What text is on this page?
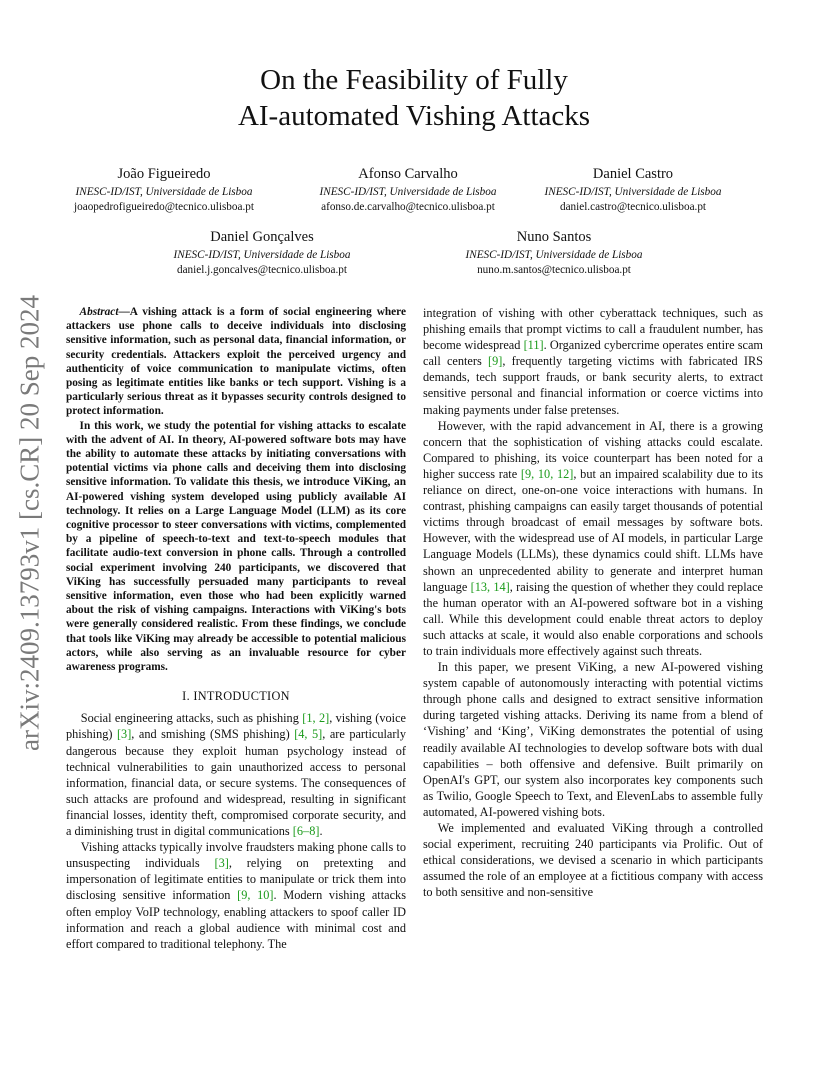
On the Feasibility of Fully
AI-automated Vishing Attacks
João Figueiredo
INESC-ID/IST, Universidade de Lisboa
joaopedrofigueiredo@tecnico.ulisboa.pt
Afonso Carvalho
INESC-ID/IST, Universidade de Lisboa
afonso.de.carvalho@tecnico.ulisboa.pt
Daniel Castro
INESC-ID/IST, Universidade de Lisboa
daniel.castro@tecnico.ulisboa.pt
Daniel Gonçalves
INESC-ID/IST, Universidade de Lisboa
daniel.j.goncalves@tecnico.ulisboa.pt
Nuno Santos
INESC-ID/IST, Universidade de Lisboa
nuno.m.santos@tecnico.ulisboa.pt
arXiv:2409.13793v1 [cs.CR] 20 Sep 2024	Abstract—A vishing attack is a form of social engineering where attackers use phone calls to deceive individuals into disclosing sensitive information, such as personal data, financial information, or security credentials. Attackers exploit the perceived urgency and authenticity of voice communication to manipulate victims, often posing as legitimate entities like banks or tech support. Vishing is a particularly serious threat as it bypasses security controls designed to protect information.

In this work, we study the potential for vishing attacks to escalate with the advent of AI. In theory, AI-powered software bots may have the ability to automate these attacks by initiating conversations with potential victims via phone calls and deceiving them into disclosing sensitive information. To validate this thesis, we introduce ViKing, an AI-powered vishing system developed using publicly available AI technology. It relies on a Large Language Model (LLM) as its core cognitive processor to steer conversations with victims, complemented by a pipeline of speech-to-text and text-to-speech modules that facilitate audio-text conversion in phone calls. Through a controlled social experiment involving 240 participants, we discovered that ViKing has successfully persuaded many participants to reveal sensitive information, even those who had been explicitly warned about the risk of vishing campaigns. Interactions with ViKing's bots were generally considered realistic. From these findings, we conclude that tools like ViKing may already be accessible to potential malicious actors, while also serving as an invaluable resource for cyber awareness programs.

I. INTRODUCTION

Social engineering attacks, such as phishing [1, 2], vishing (voice phishing) [3], and smishing (SMS phishing) [4, 5], are particularly dangerous because they exploit human psychology instead of technical vulnerabilities to gain unauthorized access to personal information, financial data, or secure systems. The consequences of such attacks are profound and widespread, resulting in significant financial losses, identity theft, compromised corporate security, and a diminishing trust in digital communications [6–8].

Vishing attacks typically involve fraudsters making phone calls to unsuspecting individuals [3], relying on pretexting and impersonation of legitimate entities to manipulate or trick them into disclosing sensitive information [9, 10]. Modern vishing attacks often employ VoIP technology, enabling attackers to spoof caller ID information and reach a global audience with minimal cost and effort compared to traditional telephony. The

integration of vishing with other cyberattack techniques, such as phishing emails that prompt victims to call a fraudulent number, has become widespread [11]. Organized cybercrime operates entire scam call centers [9], frequently targeting victims with fabricated IRS demands, tech support frauds, or bank security alerts, to extract sensitive personal and financial information or coerce victims into making payments under false pretenses.

However, with the rapid advancement in AI, there is a growing concern that the sophistication of vishing attacks could escalate. Compared to phishing, its voice counterpart has been noted for a higher success rate [9, 10, 12], but an impaired scalability due to its reliance on direct, one-on-one voice interactions with humans. In contrast, phishing campaigns can easily target thousands of potential victims through broadcast of email messages by software bots. However, with the widespread use of AI models, in particular Large Language Models (LLMs), these dynamics could shift. LLMs have shown an unprecedented ability to generate and interpret human language [13, 14], raising the question of whether they could replace the human operator with an AI-powered software bot in a vishing call. While this development could enable threat actors to deploy such attacks at scale, it would also enable corporations and schools to train individuals more effectively against such threats.

In this paper, we present ViKing, a new AI-powered vishing system capable of autonomously interacting with potential victims through phone calls and designed to extract sensitive information during targeted vishing attacks. Deriving its name from a blend of ‘Vishing’ and ‘King’, ViKing demonstrates the potential of using readily available AI technologies to develop software bots with dual capabilities – both offensive and defensive. Built primarily on OpenAI's GPT, our system also incorporates key components such as Twilio, Google Speech to Text, and ElevenLabs to assemble fully automated, AI-powered vishing bots.

We implemented and evaluated ViKing through a controlled social experiment, recruiting 240 participants via Prolific. Out of ethical considerations, we devised a scenario in which participants assumed the role of an employee at a fictitious company with access to both sensitive and non-sensitive
